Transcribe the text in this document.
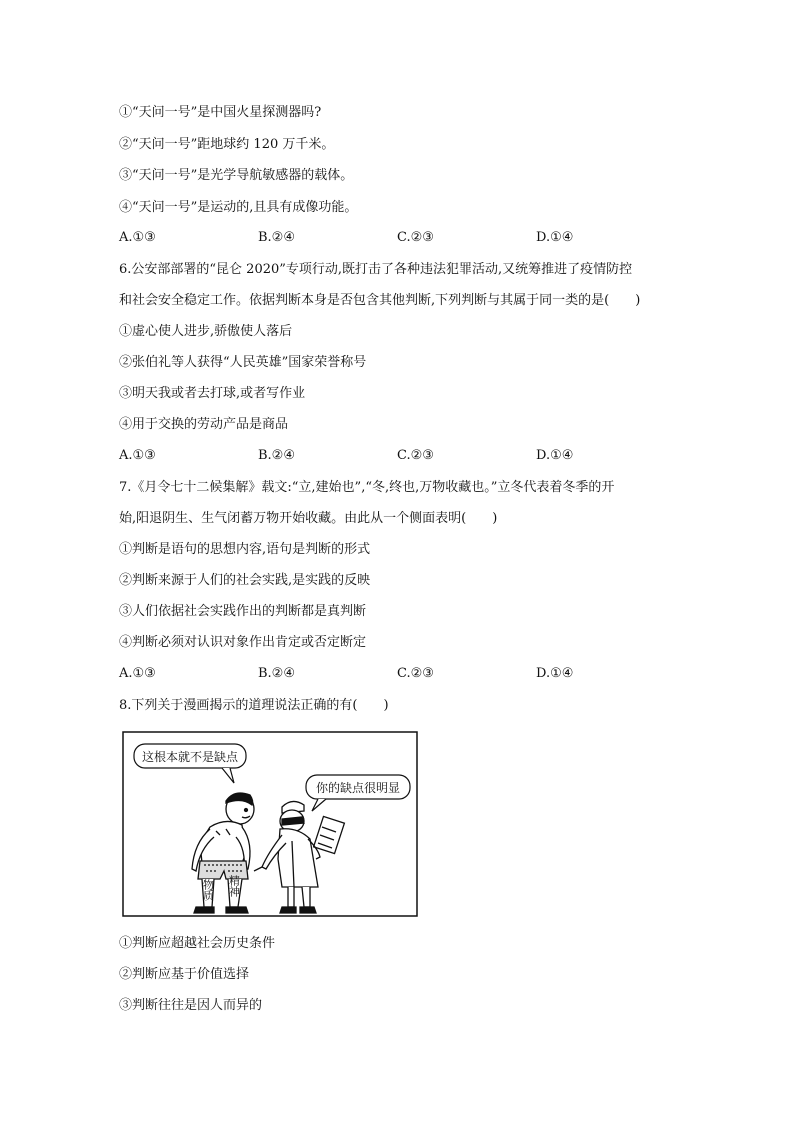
①“天问一号”是中国火星探测器吗?
②“天问一号”距地球约 120 万千米。
③“天问一号”是光学导航敏感器的载体。
④“天问一号”是运动的,且具有成像功能。
A.①③	B.②④	C.②③	D.①④
6.公安部部署的“昆仑 2020”专项行动,既打击了各种违法犯罪活动,又统筹推进了疫情防控
和社会安全稳定工作。依据判断本身是否包含其他判断,下列判断与其属于同一类的是(　　)
①虚心使人进步,骄傲使人落后
②张伯礼等人获得“人民英雄”国家荣誉称号
③明天我或者去打球,或者写作业
④用于交换的劳动产品是商品
A.①③	B.②④	C.②③	D.①④
7.《月令七十二候集解》载文:“立,建始也”,“冬,终也,万物收藏也。”立冬代表着冬季的开
始,阳退阴生、生气闭蓄万物开始收藏。由此从一个侧面表明(　　)
①判断是语句的思想内容,语句是判断的形式
②判断来源于人们的社会实践,是实践的反映
③人们依据社会实践作出的判断都是真判断
④判断必须对认识对象作出肯定或否定断定
A.①③	B.②④	C.②③	D.①④
8.下列关于漫画揭示的道理说法正确的有(　　)
这根本就不是缺点
你的缺点很明显
物质 精神
①判断应超越社会历史条件
②判断应基于价值选择
③判断往往是因人而异的
